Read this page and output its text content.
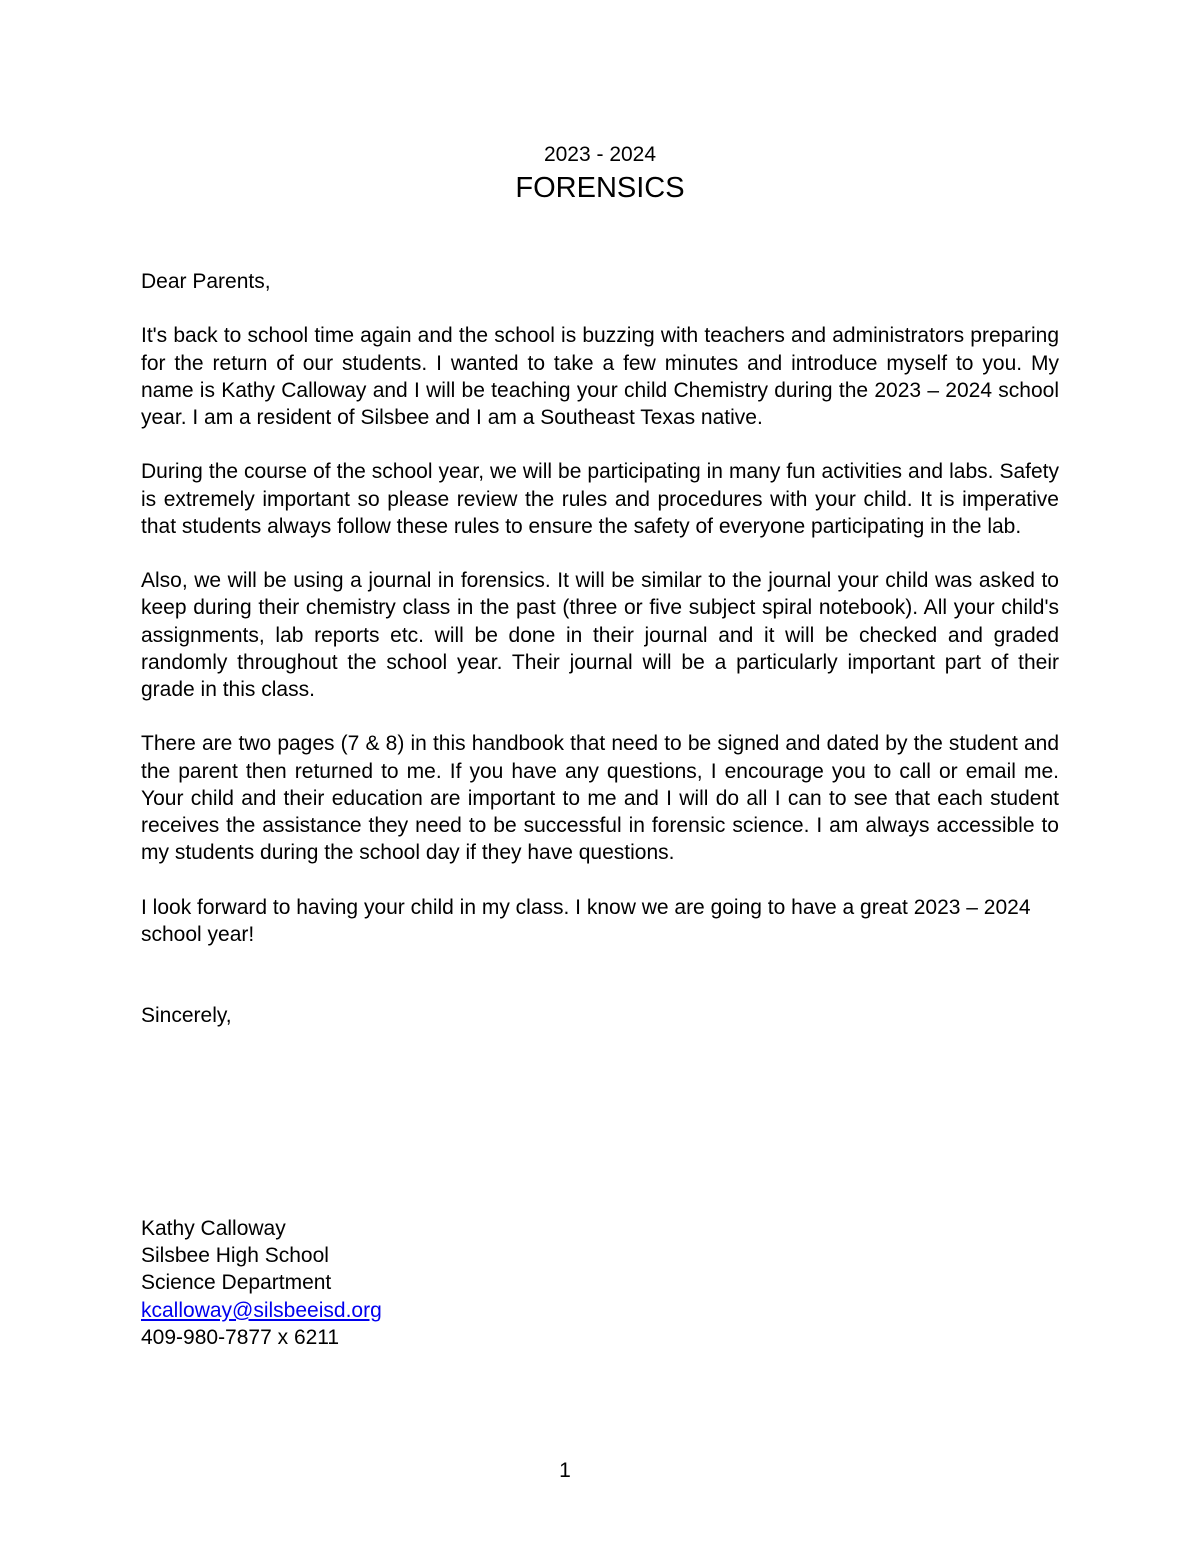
2023 - 2024
FORENSICS

Dear Parents,

It's back to school time again and the school is buzzing with teachers and administrators preparing for the return of our students. I wanted to take a few minutes and introduce myself to you. My name is Kathy Calloway and I will be teaching your child Chemistry during the 2023 – 2024 school year. I am a resident of Silsbee and I am a Southeast Texas native.

During the course of the school year, we will be participating in many fun activities and labs. Safety is extremely important so please review the rules and procedures with your child. It is imperative that students always follow these rules to ensure the safety of everyone participating in the lab.

Also, we will be using a journal in forensics. It will be similar to the journal your child was asked to keep during their chemistry class in the past (three or five subject spiral notebook). All your child's assignments, lab reports etc. will be done in their journal and it will be checked and graded randomly throughout the school year. Their journal will be a particularly important part of their grade in this class.

There are two pages (7 & 8) in this handbook that need to be signed and dated by the student and the parent then returned to me. If you have any questions, I encourage you to call or email me. Your child and their education are important to me and I will do all I can to see that each student receives the assistance they need to be successful in forensic science. I am always accessible to my students during the school day if they have questions.

I look forward to having your child in my class. I know we are going to have a great 2023 – 2024 school year!

Sincerely,

Kathy Calloway
Silsbee High School
Science Department
kcalloway@silsbeeisd.org
409-980-7877 x 6211
1
